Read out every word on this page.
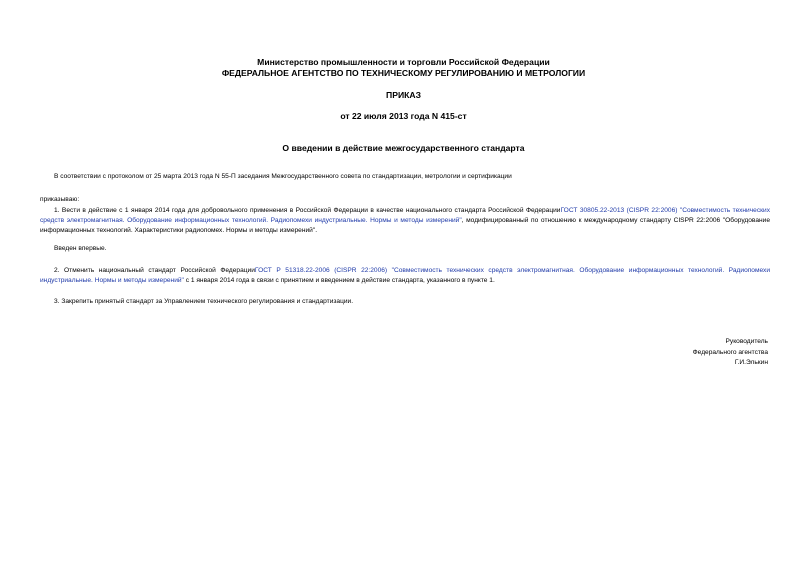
Министерство промышленности и торговли Российской Федерации
ФЕДЕРАЛЬНОЕ АГЕНТСТВО ПО ТЕХНИЧЕСКОМУ РЕГУЛИРОВАНИЮ И МЕТРОЛОГИИ
ПРИКАЗ
от 22 июля 2013 года N 415-ст
О введении в действие межгосударственного стандарта
В соответствии с протоколом от 25 марта 2013 года N 55-П заседания Межгосударственного совета по стандартизации, метрологии и сертификации
приказываю:
1. Вести в действие с 1 января 2014 года для добровольного применения в Российской Федерации в качестве национального стандарта Российской ФедерацииГОСТ 30805.22-2013 (CISPR 22:2006) "Совместимость технических средств электромагнитная. Оборудование информационных технологий. Радиопомехи индустриальные. Нормы и методы измерений", модифицированный по отношению к международному стандарту CISPR 22:2006 "Оборудование информационных технологий. Характеристики радиопомех. Нормы и методы измерений".
Введен впервые.
2. Отменить национальный стандарт Российской ФедерацииГОСТ Р 51318.22-2006 (CISPR 22:2006) "Совместимость технических средств электромагнитная. Оборудование информационных технологий. Радиопомехи индустриальные. Нормы и методы измерений" с 1 января 2014 года в связи с принятием и введением в действие стандарта, указанного в пункте 1.
3. Закрепить принятый стандарт за Управлением технического регулирования и стандартизации.
Руководитель
Федерального агентства
Г.И.Элькин
